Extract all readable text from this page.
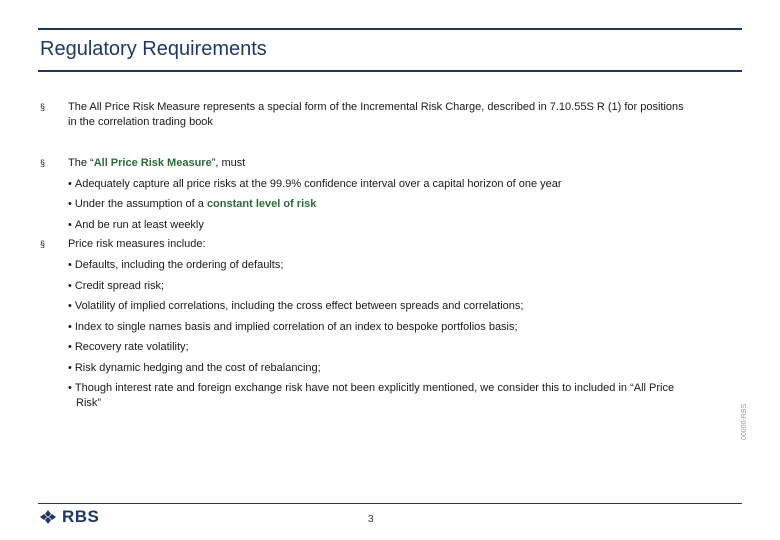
Regulatory Requirements
§ The All Price Risk Measure represents a special form of the Incremental Risk Charge, described in 7.10.55S R (1) for positions
in the correlation trading book
§ The “All Price Risk Measure”, must
• Adequately capture all price risks at the 99.9% confidence interval over a capital horizon of one year
• Under the assumption of a constant level of risk
• And be run at least weekly
§ Price risk measures include:
• Defaults, including the ordering of defaults;
• Credit spread risk;
• Volatility of implied correlations, including the cross effect between spreads and correlations;
• Index to single names basis and implied correlation of an index to bespoke portfolios basis;
• Recovery rate volatility;
• Risk dynamic hedging and the cost of rebalancing;
• Though interest rate and foreign exchange risk have not been explicitly mentioned, we consider this to included in “All Price
Risk”
00000-RBS
RBS	3
